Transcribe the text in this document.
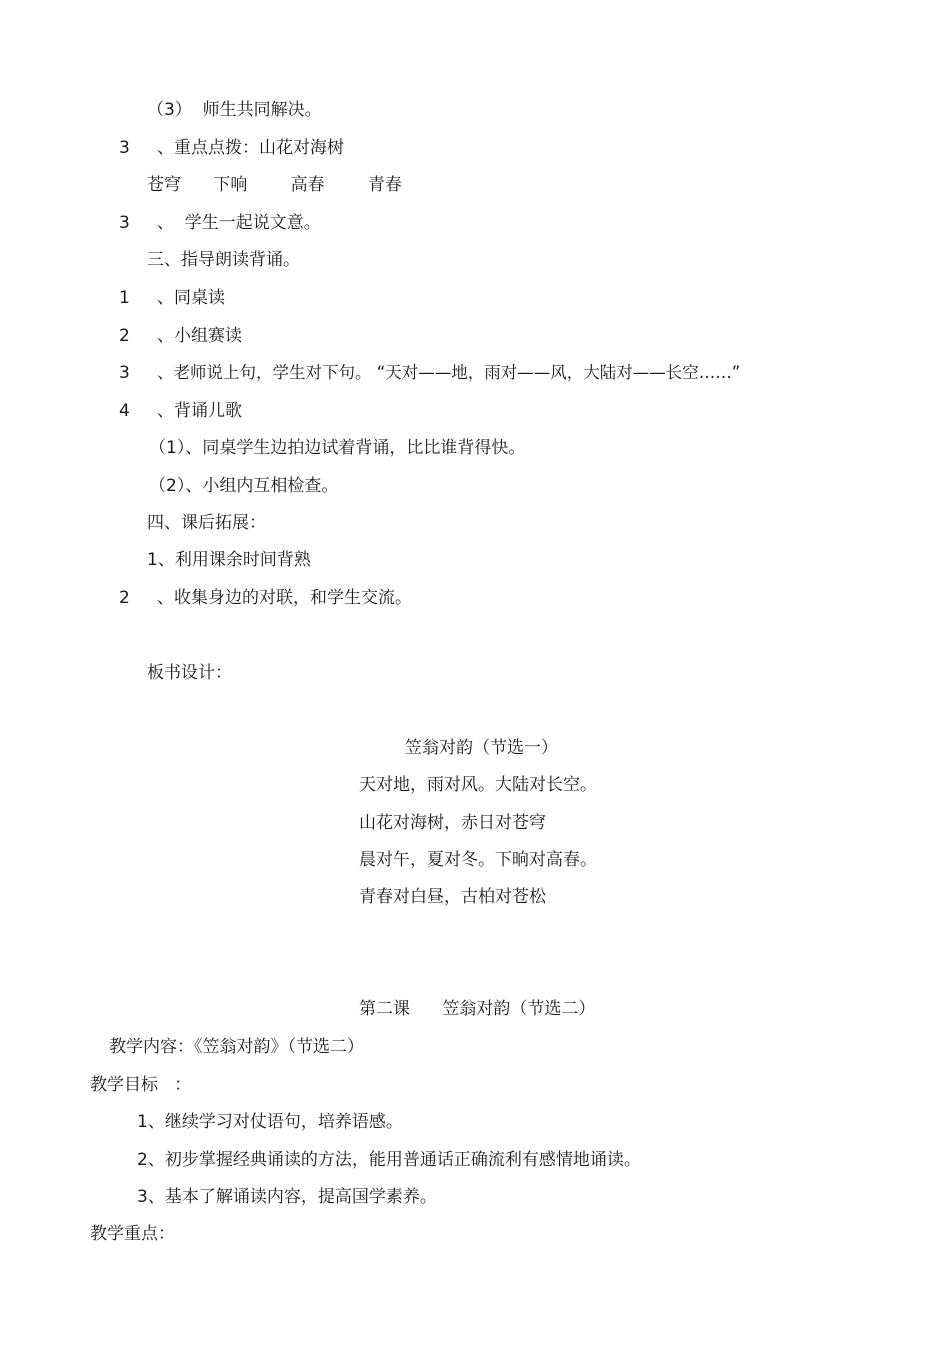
（3）  师生共同解决。
3 、重点点拨：山花对海树
苍穹      下响        高春        青春
3 、  学生一起说文意。
三、指导朗读背诵。
1 、同桌读
2 、小组赛读
3 、老师说上句，学生对下句。 “天对——地，雨对——风，大陆对——长空……”
4 、背诵儿歌
（1）、同桌学生边拍边试着背诵，比比谁背得快。
（2）、小组内互相检查。
四、课后拓展：
1、利用课余时间背熟
2 、收集身边的对联，和学生交流。
板书设计：
笠翁对韵（节选一）
天对地，雨对风。大陆对长空。
山花对海树，赤日对苍穹
晨对午，夏对冬。下晌对高春。
青春对白昼，古柏对苍松
第二课      笠翁对韵（节选二）
教学内容：《笠翁对韵》（节选二）
教学目标   ：
1、继续学习对仗语句，培养语感。
2、初步掌握经典诵读的方法，能用普通话正确流利有感情地诵读。
3、基本了解诵读内容，提高国学素养。
教学重点：
